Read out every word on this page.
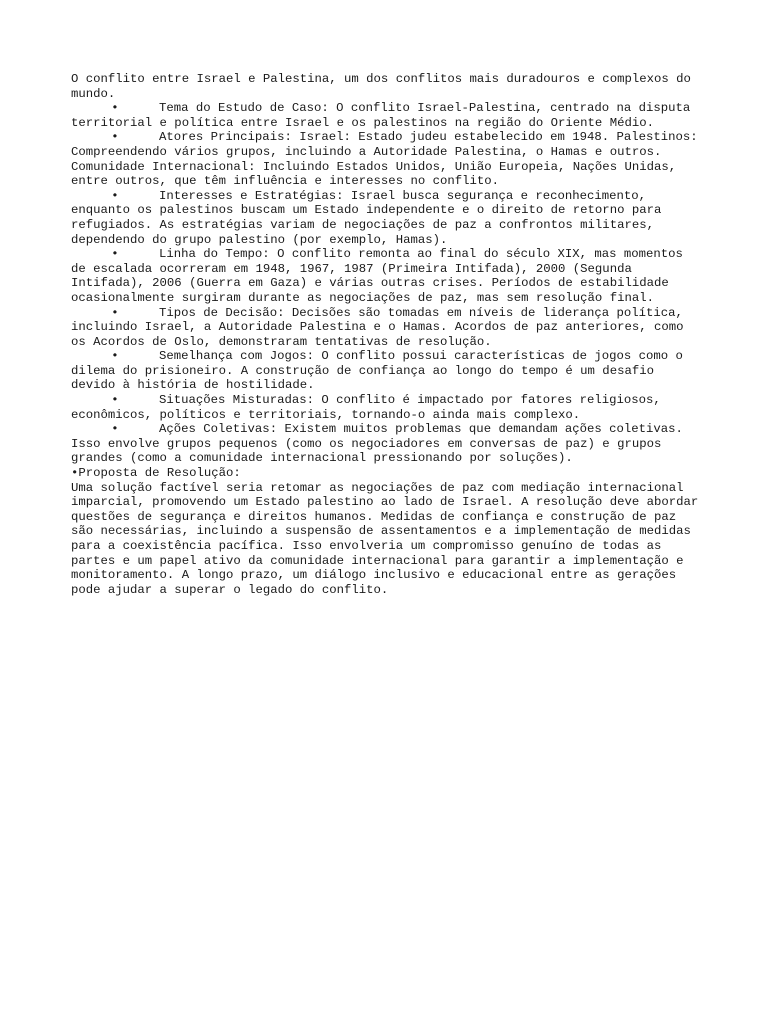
O conflito entre Israel e Palestina, um dos conflitos mais duradouros e complexos do mundo.

•	Tema do Estudo de Caso: O conflito Israel-Palestina, centrado na disputa territorial e política entre Israel e os palestinos na região do Oriente Médio.

•	Atores Principais: Israel: Estado judeu estabelecido em 1948. Palestinos: Compreendendo vários grupos, incluindo a Autoridade Palestina, o Hamas e outros. Comunidade Internacional: Incluindo Estados Unidos, União Europeia, Nações Unidas, entre outros, que têm influência e interesses no conflito.

•	Interesses e Estratégias: Israel busca segurança e reconhecimento, enquanto os palestinos buscam um Estado independente e o direito de retorno para refugiados. As estratégias variam de negociações de paz a confrontos militares, dependendo do grupo palestino (por exemplo, Hamas).

•	Linha do Tempo: O conflito remonta ao final do século XIX, mas momentos de escalada ocorreram em 1948, 1967, 1987 (Primeira Intifada), 2000 (Segunda Intifada), 2006 (Guerra em Gaza) e várias outras crises. Períodos de estabilidade ocasionalmente surgiram durante as negociações de paz, mas sem resolução final.

•	Tipos de Decisão: Decisões são tomadas em níveis de liderança política, incluindo Israel, a Autoridade Palestina e o Hamas. Acordos de paz anteriores, como os Acordos de Oslo, demonstraram tentativas de resolução.

•	Semelhança com Jogos: O conflito possui características de jogos como o dilema do prisioneiro. A construção de confiança ao longo do tempo é um desafio devido à história de hostilidade.

•	Situações Misturadas: O conflito é impactado por fatores religiosos, econômicos, políticos e territoriais, tornando-o ainda mais complexo.

•	Ações Coletivas: Existem muitos problemas que demandam ações coletivas. Isso envolve grupos pequenos (como os negociadores em conversas de paz) e grupos grandes (como a comunidade internacional pressionando por soluções).

•Proposta de Resolução:

Uma solução factível seria retomar as negociações de paz com mediação internacional imparcial, promovendo um Estado palestino ao lado de Israel. A resolução deve abordar questões de segurança e direitos humanos. Medidas de confiança e construção de paz são necessárias, incluindo a suspensão de assentamentos e a implementação de medidas para a coexistência pacífica. Isso envolveria um compromisso genuíno de todas as partes e um papel ativo da comunidade internacional para garantir a implementação e monitoramento. A longo prazo, um diálogo inclusivo e educacional entre as gerações pode ajudar a superar o legado do conflito.
